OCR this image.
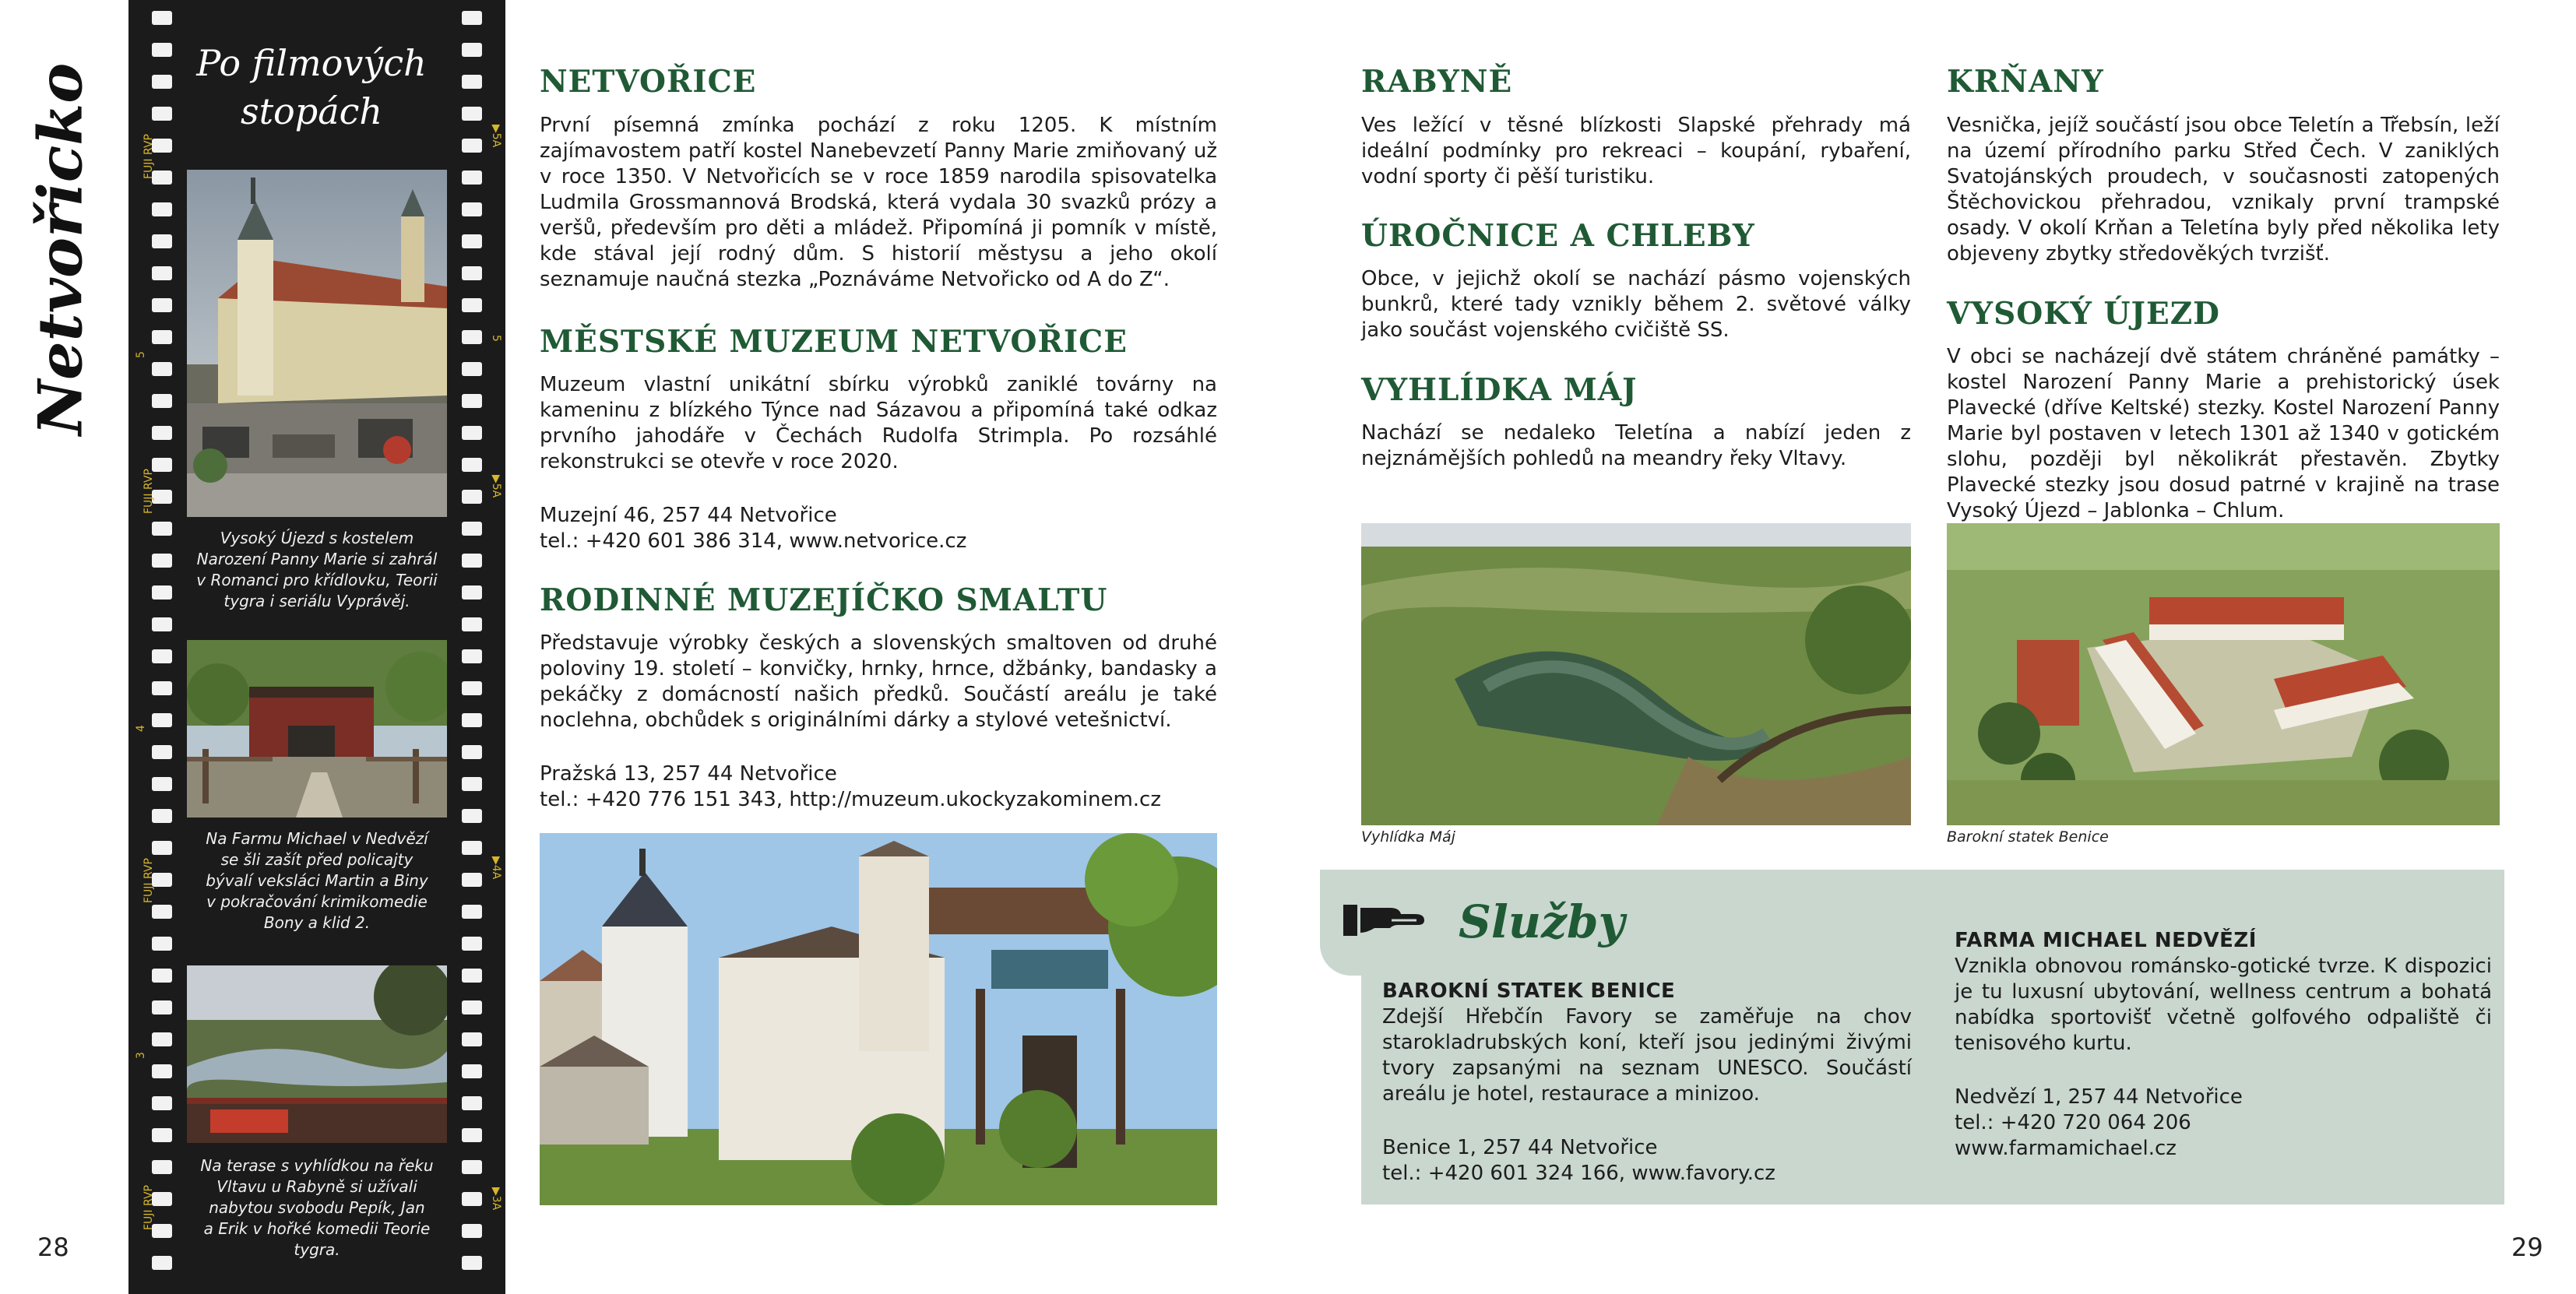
Netvořicko
28	29
Po filmových
stopách
FUJI RVP
FUJI RVP
FUJI RVP
FUJI RVP
5
4
3
▶5A
5
▶5A
▶4A
▶3A
Vysoký Újezd s kostelem
Narození Panny Marie si zahrál
v Romanci pro křídlovku, Teorii
tygra i seriálu Vyprávěj.
Na Farmu Michael v Nedvězí
se šli zašít před policajty
bývalí veksláci Martin a Biny
v pokračování krimikomedie
Bony a klid 2.
Na terase s vyhlídkou na řeku
Vltavu u Rabyně si užívali
nabytou svobodu Pepík, Jan
a Erik v hořké komedii Teorie
tygra.
NETVOŘICE

První písemná zmínka pochází z roku 1205. K místním zajímavostem patří kostel Nanebevzetí Panny Marie zmiňovaný už v roce 1350. V Netvořicích se v roce 1859 narodila spisovatelka Ludmila Grossmannová Brodská, která vydala 30 svazků prózy a veršů, především pro děti a mládež. Připomíná ji pomník v místě, kde stával její rodný dům. S historií městysu a jeho okolí seznamuje naučná stezka „Poznáváme Netvořicko od A do Z“.

MĚSTSKÉ MUZEUM NETVOŘICE

Muzeum vlastní unikátní sbírku výrobků zaniklé továrny na kameninu z blízkého Týnce nad Sázavou a připomíná také odkaz prvního jahodáře v Čechách Rudolfa Strimpla. Po rozsáhlé rekonstrukci se otevře v roce 2020.

Muzejní 46, 257 44 Netvořice

tel.: +420 601 386 314, www.netvorice.cz

RODINNÉ MUZEJÍČKO SMALTU

Představuje výrobky českých a slovenských smaltoven od druhé poloviny 19. století – konvičky, hrnky, hrnce, džbánky, bandasky a pekáčky z domácností našich předků. Součástí areálu je také noclehna, obchůdek s originálními dárky a stylové vetešnictví.

Pražská 13, 257 44 Netvořice

tel.: +420 776 151 343, http://muzeum.ukockyzakominem.cz

RABYNĚ

Ves ležící v těsné blízkosti Slapské přehrady má ideální podmínky pro rekreaci – koupání, rybaření, vodní sporty či pěší turistiku.

ÚROČNICE A CHLEBY

Obce, v jejichž okolí se nachází pásmo vojenských bunkrů, které tady vznikly během 2. světové války jako součást vojenského cvičiště SS.

VYHLÍDKA MÁJ

Nachází se nedaleko Teletína a nabízí jeden z nejznámějších pohledů na meandry řeky Vltavy.

Vyhlídka Máj
KRŇANY

Vesnička, jejíž součástí jsou obce Teletín a Třebsín, leží na území přírodního parku Střed Čech. V zaniklých Svatojánských proudech, v současnosti zatopených Štěchovickou přehradou, vznikaly první trampské osady. V okolí Krňan a Teletína byly před několika lety objeveny zbytky středověkých tvrzišť.

VYSOKÝ ÚJEZD

V obci se nacházejí dvě státem chráněné památky – kostel Narození Panny Marie a prehistorický úsek Plavecké (dříve Keltské) stezky. Kostel Narození Panny Marie byl postaven v letech 1301 až 1340 v gotickém slohu, později byl několikrát přestavěn. Zbytky Plavecké stezky jsou dosud patrné v krajině na trase Vysoký Újezd – Jablonka – Chlum.

Barokní statek Benice
Služby
BAROKNÍ STATEK BENICE

Zdejší Hřebčín Favory se zaměřuje na chov starokladrubských koní, kteří jsou jedinými živými tvory zapsanými na seznam UNESCO. Součástí areálu je hotel, restaurace a minizoo.

Benice 1, 257 44 Netvořice

tel.: +420 601 324 166, www.favory.cz

FARMA MICHAEL NEDVĚZÍ

Vznikla obnovou románsko-gotické tvrze. K dispozici je tu luxusní ubytování, wellness centrum a bohatá nabídka sportovišť včetně golfového odpaliště či tenisového kurtu.

Nedvězí 1, 257 44 Netvořice

tel.: +420 720 064 206

www.farmamichael.cz
